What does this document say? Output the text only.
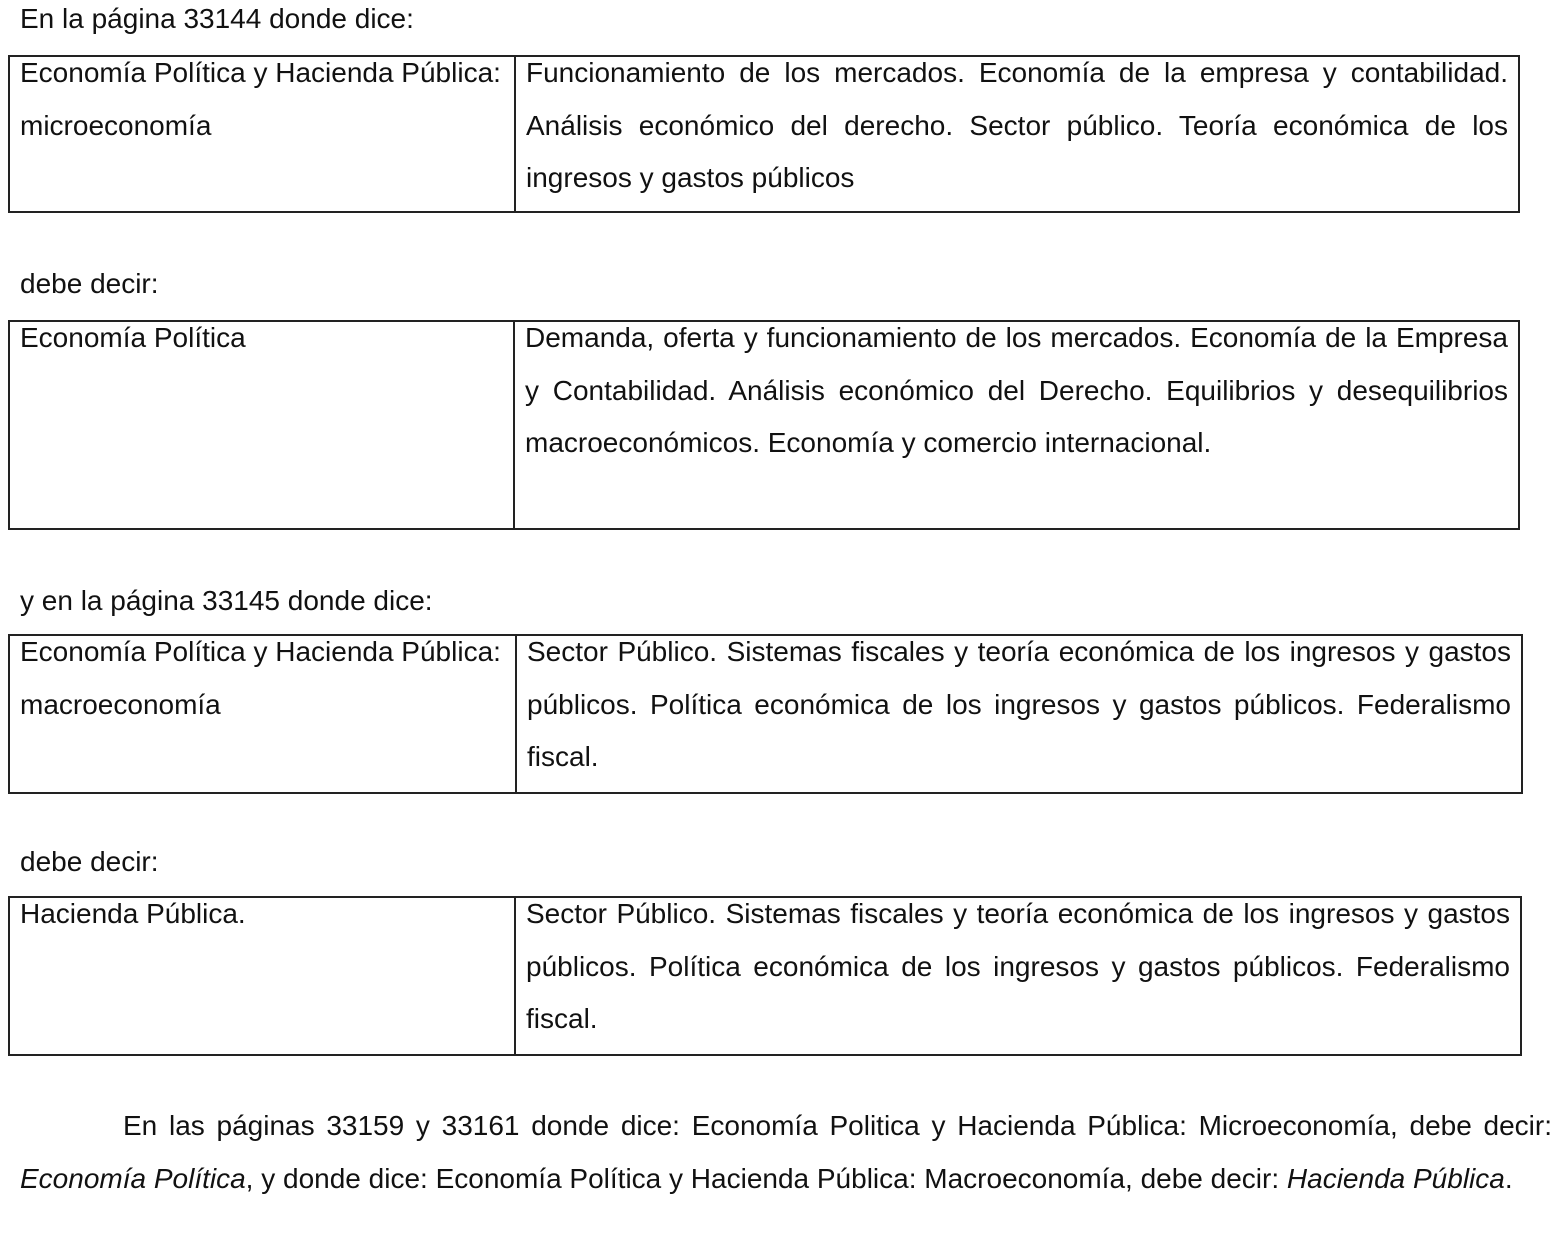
En la página 33144 donde dice:

Economía Política y Hacienda Pública: microeconomía
Funcionamiento de los mercados. Economía de la empresa y contabilidad. Análisis económico del derecho. Sector público. Teoría económica de los ingresos y gastos públicos

debe decir:

Economía Política	Demanda, oferta y funcionamiento de los mercados. Economía de la Empresa y Contabilidad. Análisis económico del Derecho. Equilibrios y desequilibrios macroeconómicos. Economía y comercio internacional.

y en la página 33145 donde dice:

Economía Política y Hacienda Pública: macroeconomía
Sector Público. Sistemas fiscales y teoría económica de los ingresos y gastos públicos. Política económica de los ingresos y gastos públicos. Federalismo fiscal.

debe decir:

Hacienda Pública.	Sector Público. Sistemas fiscales y teoría económica de los ingresos y gastos públicos. Política económica de los ingresos y gastos públicos. Federalismo fiscal.

En las páginas 33159 y 33161 donde dice: Economía Politica y Hacienda Pública: Microeconomía, debe decir: Economía Política, y donde dice: Economía Política y Hacienda Pública: Macroeconomía, debe decir: Hacienda Pública.
